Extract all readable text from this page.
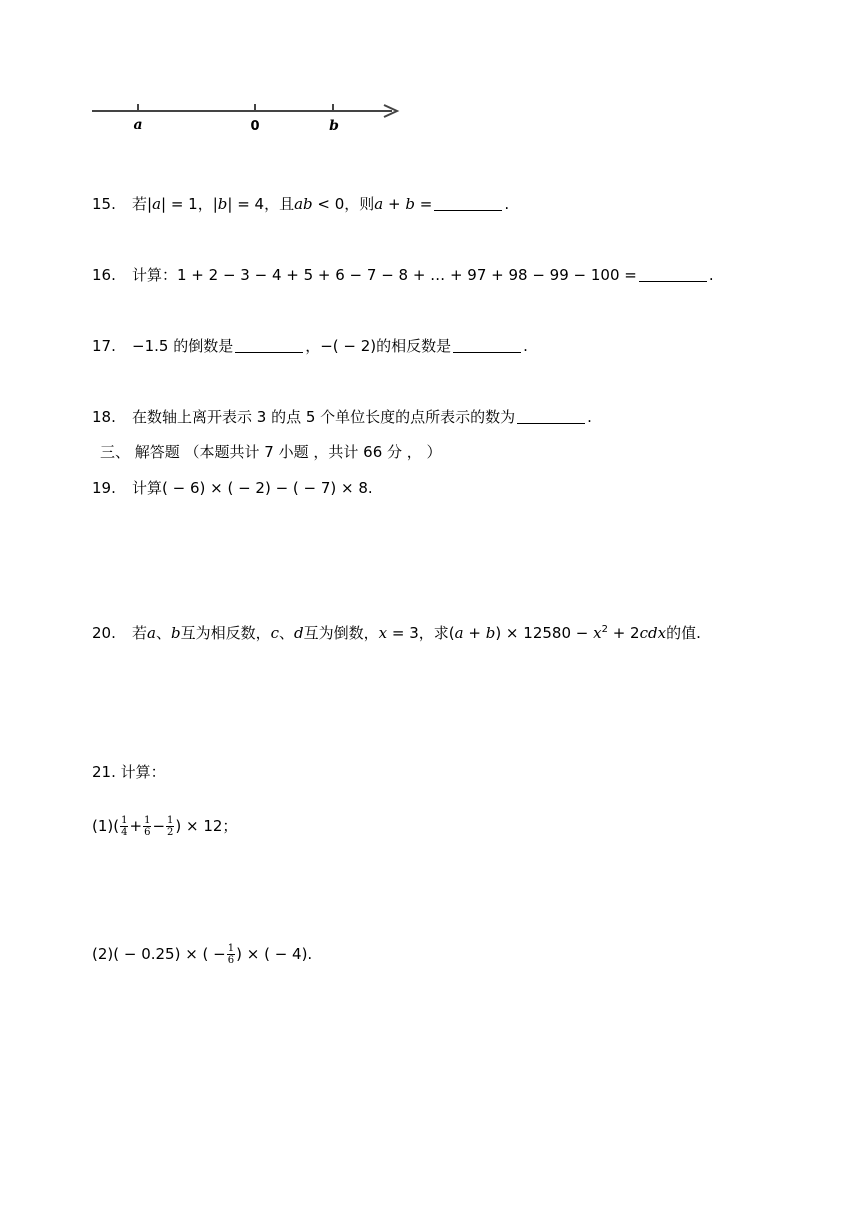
a	0	b
15. 若|a| = 1，|b| = 4，且ab < 0，则a + b =	.
16. 计算：1 + 2 − 3 − 4 + 5 + 6 − 7 − 8 + … + 97 + 98 − 99 − 100 =	.
17. −1.5 的倒数是	，−( − 2)的相反数是	.
18. 在数轴上离开表示 3 的点 5 个单位长度的点所表示的数为	.
三、 解答题 （本题共计 7 小题 ，共计 66 分 ， ）
19. 计算( − 6) × ( − 2) − ( − 7) × 8.
20. 若a、b互为相反数，c、d互为倒数，x = 3，求$(a + b) \times 12580 - x^2 + 2cdx$的值.
21. 计算：
$(1)( \frac{1}{4} + \frac{1}{6} - \frac{1}{2}$ ) × 12；
(2)( − 0.25) × ( − $\frac{1}{6}$ ) × ( − 4).
